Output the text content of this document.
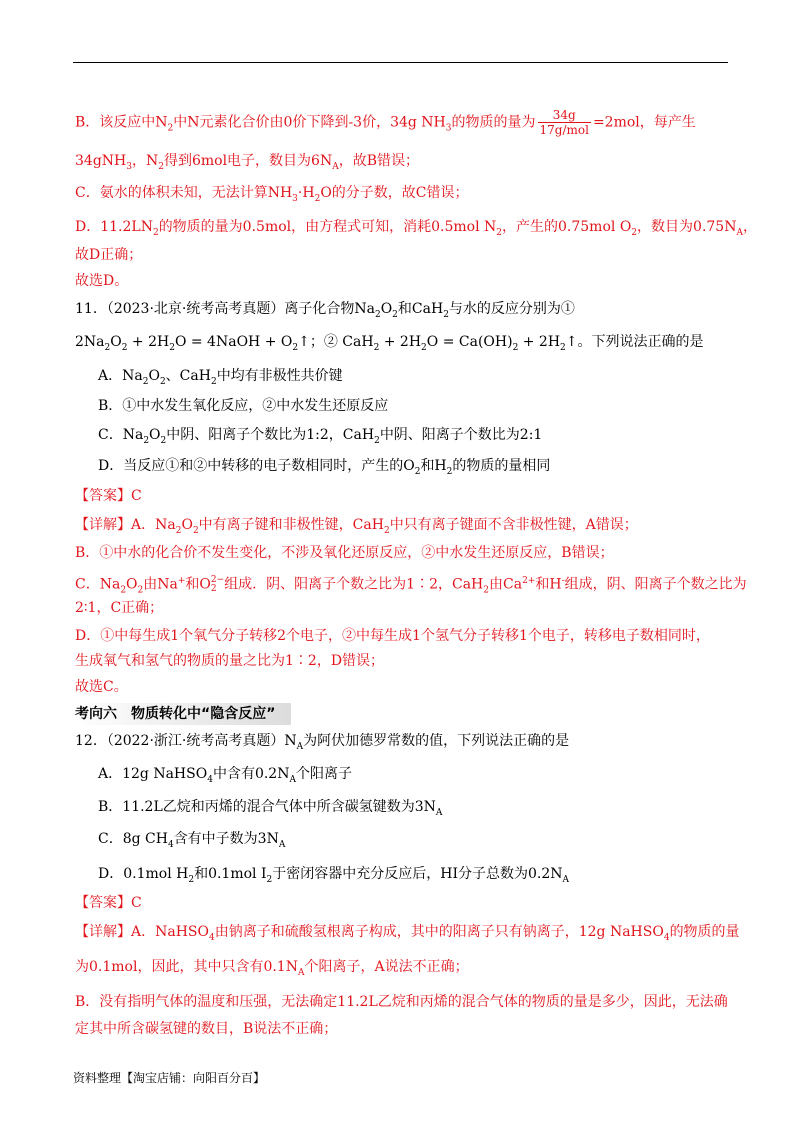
B．该反应中$N_2$中N元素化合价由0价下降到-3价，34g $NH_3$的物质的量为 $\frac{34g}{\text{17g/mol}} =2mol$，每产生
34gNH$_3$，$N_2$得到6mol电子，数目为$6N_A$，故B错误；
C．氨水的体积未知，无法计算$NH_3\cdot H_2O$的分子数，故C错误；
D．$11.2LN_2$的物质的量为0.5mol，由方程式可知，消耗0.5mol $N_2$，产生的0.75mol $O_2$，数目为$0.75N_A$，
故D正确；
故选D。
11．（2023·北京·统考高考真题）离子化合物$Na_2O_2$和CaH$_2$与水的反应分别为①
$2Na_2O_2 + 2H_2O$ = 4NaOH + $O_2↑$；② $CaH_2 + 2H_2O = Ca(OH)_2$ + $2H_2↑$。下列说法正确的是
A．$Na_2O_2$、CaH$_2$中均有非极性共价键
B．①中水发生氧化反应，②中水发生还原反应
C．$Na_2O_2$中阴、阳离子个数比为1:2，CaH$_2$中阴、阳离子个数比为2:1
D．当反应①和②中转移的电子数相同时，产生的$O_2$和$H_2$的物质的量相同
【答案】C
【详解】A．$Na_2O_2$中有离子键和非极性键，CaH$_2$中只有离子键面不含非极性键，A错误；
B．①中水的化合价不发生变化，不涉及氧化还原反应，②中水发生还原反应，B错误；
C．$Na_2O_2$由Na+和O 2−
2 组成．阴、阳离子个数之比为1∶2，CaH$_2$由$Ca^{2+}$和H-组成，阴、阳离子个数之比为
2∶1，C正确；
D．①中每生成1个氧气分子转移2个电子，②中每生成1个氢气分子转移1个电子，转移电子数相同时，
生成氧气和氢气的物质的量之比为1∶2，D错误；
故选C。
12．（2022·浙江·统考高考真题）$N_A$为阿伏加德罗常数的值，下列说法正确的是
A．12g NaHSO$_4$中含有$0.2N_A$个阳离子
B．11.2L乙烷和丙烯的混合气体中所含碳氢键数为$3N_A$
C．8g $CH_4$含有中子数为$3N_A$
D．0.1mol $H_2$和0.1mol $I_2$于密闭容器中充分反应后，HI分子总数为$0.2N_A$
【答案】C
【详解】A．NaHSO$_4$由钠离子和硫酸氢根离子构成，其中的阳离子只有钠离子，12g NaHSO$_4$的物质的量
为0.1mol，因此，其中只含有$0.1N_A$个阳离子，A说法不正确；
B．没有指明气体的温度和压强，无法确定11.2L乙烷和丙烯的混合气体的物质的量是多少，因此，无法确
定其中所含碳氢键的数目，B说法不正确；
考向六　物质转化中“隐含反应”
资料整理【淘宝店铺：向阳百分百】
